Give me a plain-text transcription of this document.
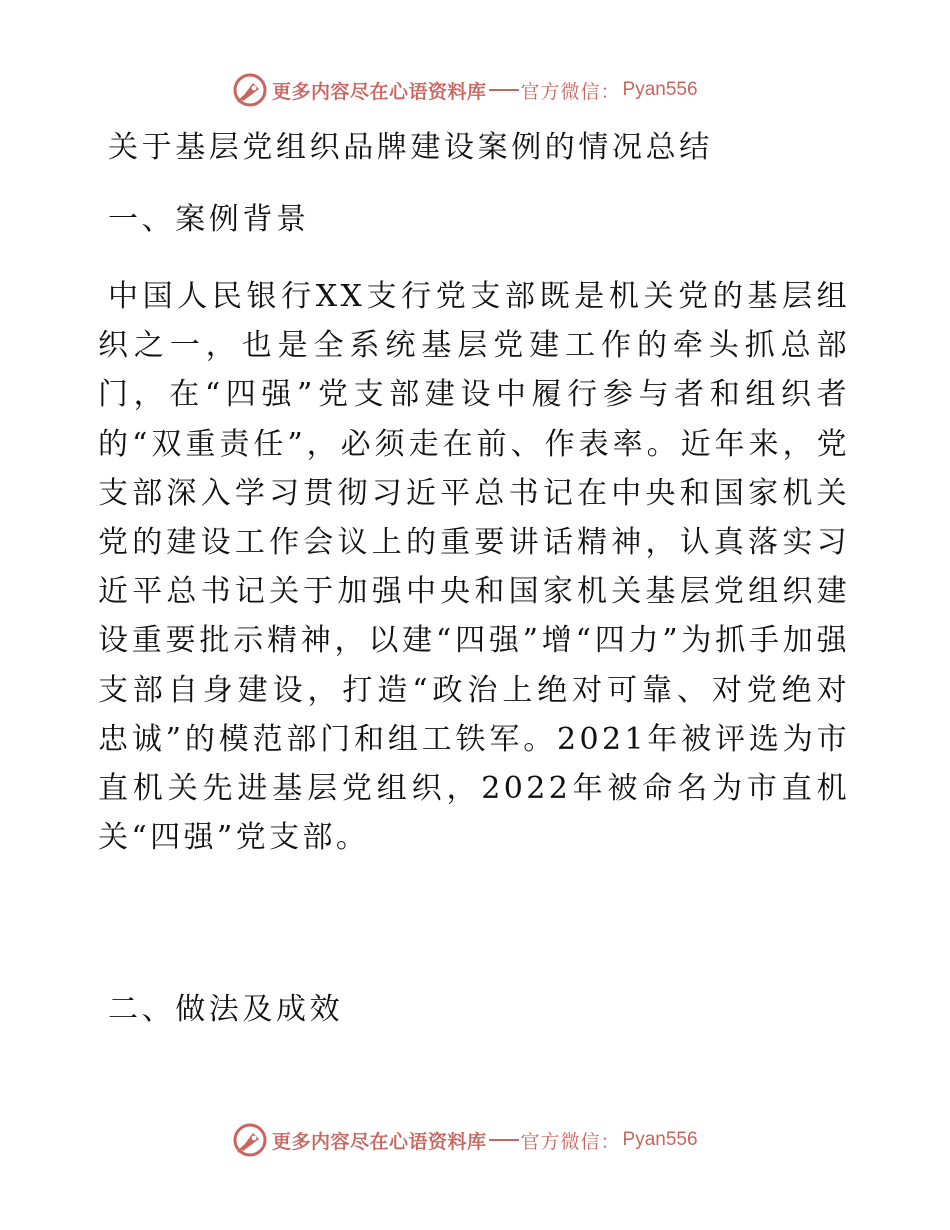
更多内容尽在心语资料库 官方微信： Pyan556
关于基层党组织品牌建设案例的情况总结
一、案例背景

中国人民银行XX支行党支部既是机关党的基层组织之一，也是全系统基层党建工作的牵头抓总部门，在“四强”党支部建设中履行参与者和组织者的“双重责任”，必须走在前、作表率。近年来，党支部深入学习贯彻习近平总书记在中央和国家机关党的建设工作会议上的重要讲话精神，认真落实习近平总书记关于加强中央和国家机关基层党组织建设重要批示精神，以建“四强”增“四力”为抓手加强支部自身建设，打造“政治上绝对可靠、对党绝对忠诚”的模范部门和组工铁军。2021年被评选为市直机关先进基层党组织，2022年被命名为市直机关“四强”党支部。

二、做法及成效
更多内容尽在心语资料库 官方微信： Pyan556
